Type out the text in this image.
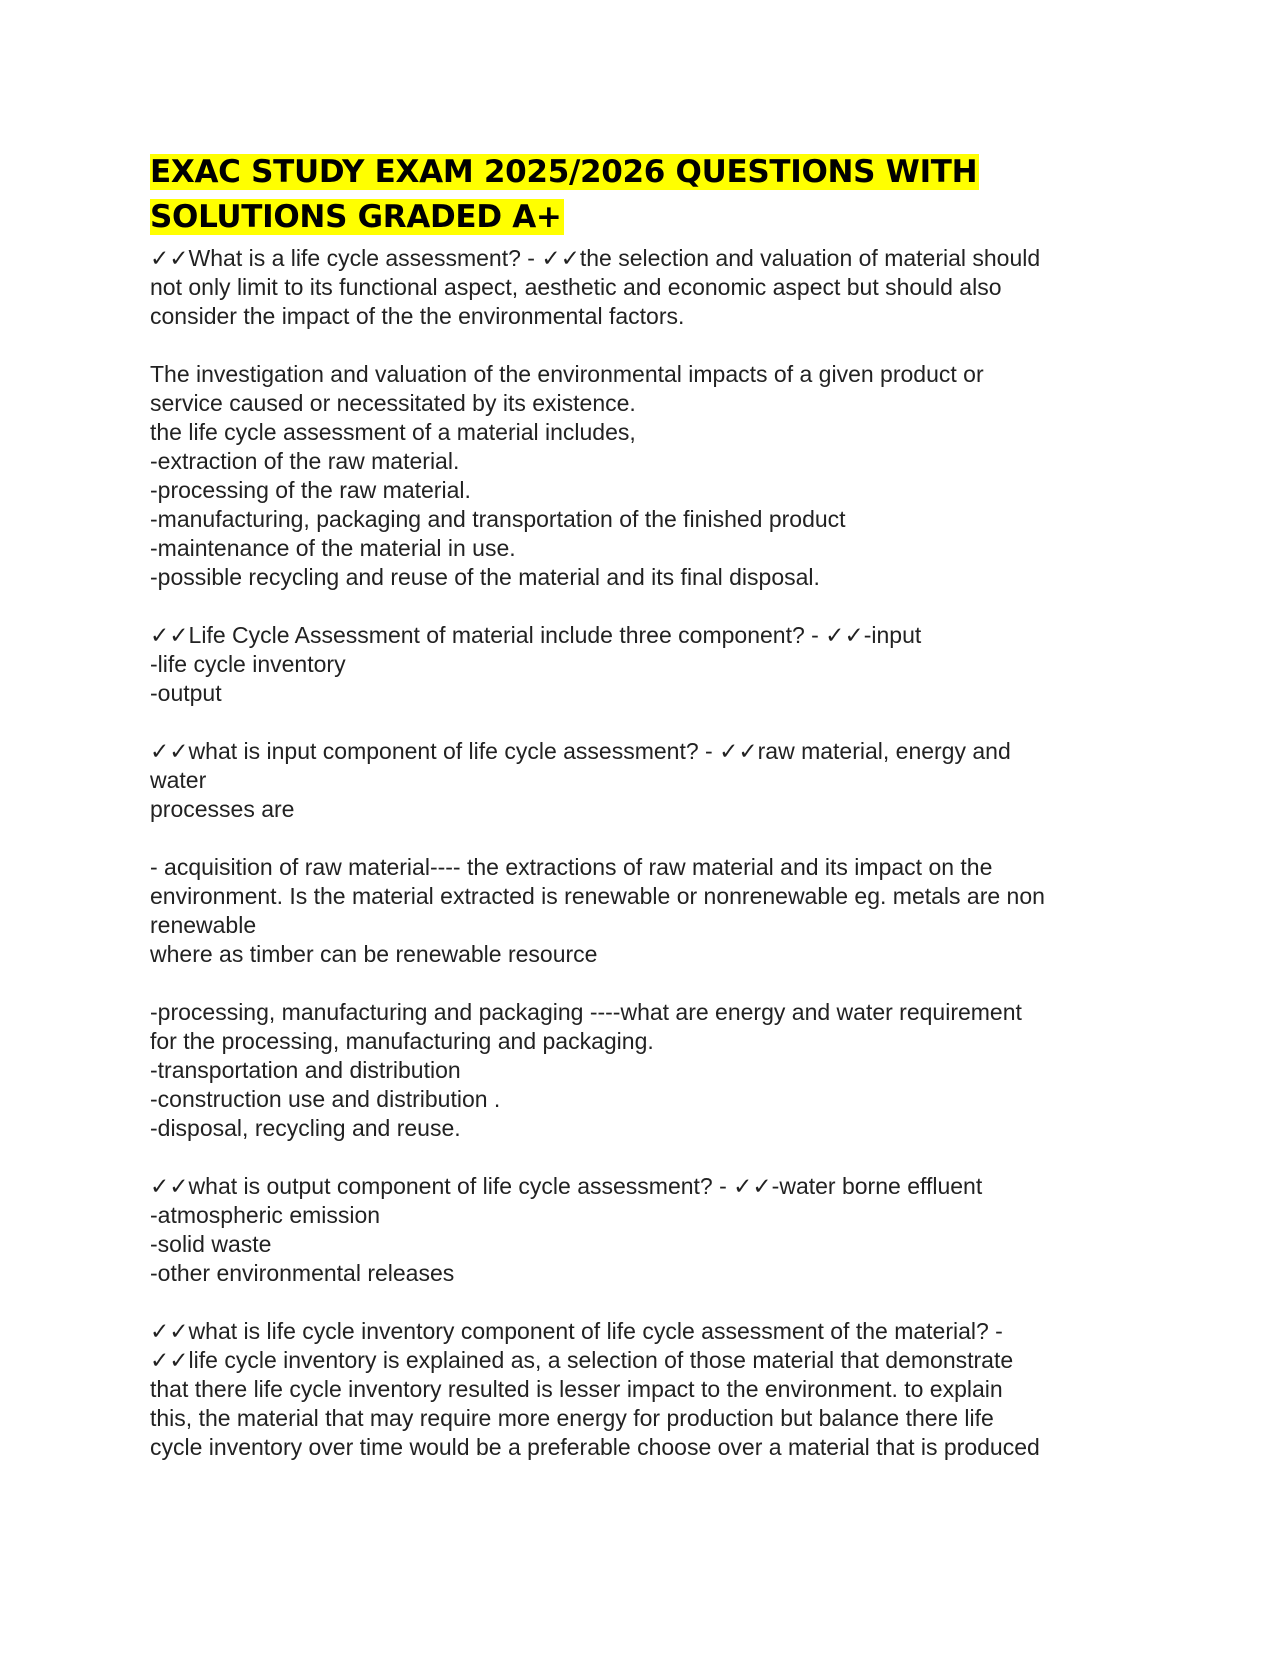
EXAC STUDY EXAM 2025/2026 QUESTIONS WITH
SOLUTIONS GRADED A+

✓✓What is a life cycle assessment? - ✓✓the selection and valuation of material should

not only limit to its functional aspect, aesthetic and economic aspect but should also

consider the impact of the the environmental factors.

The investigation and valuation of the environmental impacts of a given product or

service caused or necessitated by its existence.

the life cycle assessment of a material includes,

-extraction of the raw material.

-processing of the raw material.

-manufacturing, packaging and transportation of the finished product

-maintenance of the material in use.

-possible recycling and reuse of the material and its final disposal.

✓✓Life Cycle Assessment of material include three component? - ✓✓-input

-life cycle inventory

-output

✓✓what is input component of life cycle assessment? - ✓✓raw material, energy and

water

processes are

- acquisition of raw material---- the extractions of raw material and its impact on the

environment. Is the material extracted is renewable or nonrenewable eg. metals are non

renewable

where as timber can be renewable resource

-processing, manufacturing and packaging ----what are energy and water requirement

for the processing, manufacturing and packaging.

-transportation and distribution

-construction use and distribution .

-disposal, recycling and reuse.

✓✓what is output component of life cycle assessment? - ✓✓-water borne effluent

-atmospheric emission

-solid waste

-other environmental releases

✓✓what is life cycle inventory component of life cycle assessment of the material? -

✓✓life cycle inventory is explained as, a selection of those material that demonstrate

that there life cycle inventory resulted is lesser impact to the environment. to explain

this, the material that may require more energy for production but balance there life

cycle inventory over time would be a preferable choose over a material that is produced
